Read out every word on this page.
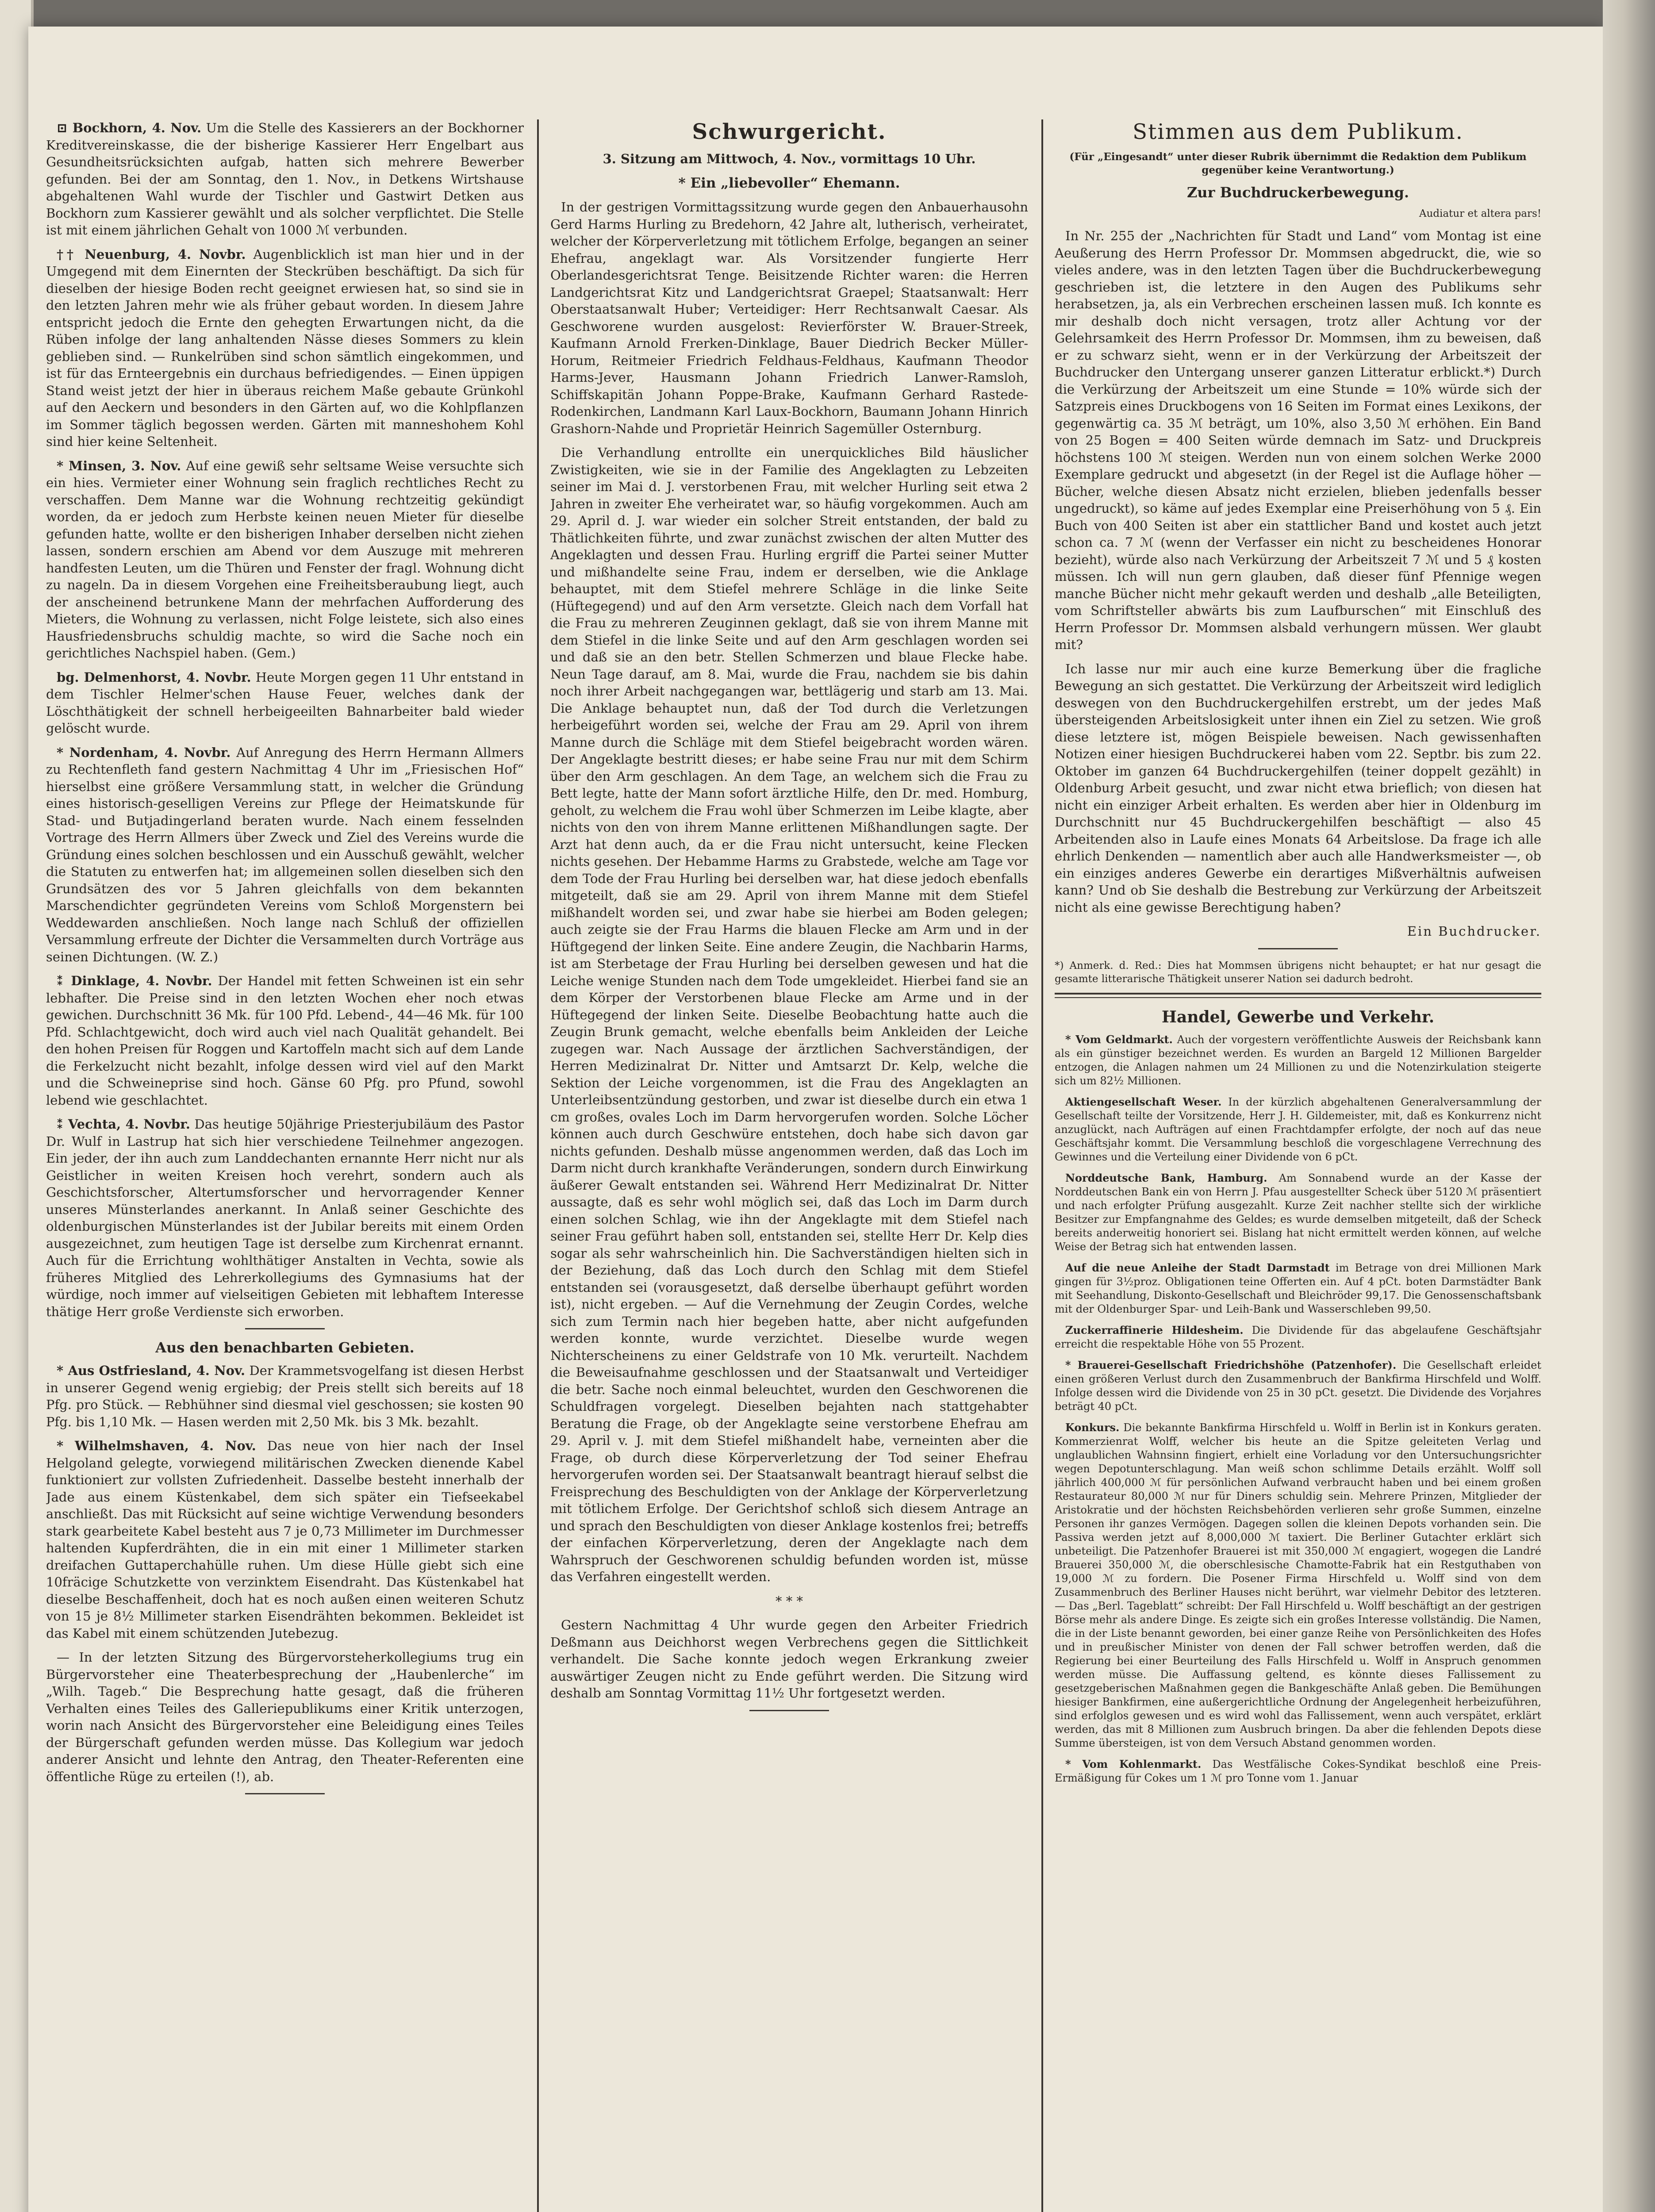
⊡ Bockhorn, 4. Nov. Um die Stelle des Kassierers an der Bockhorner Kreditvereinskasse, die der bisherige Kassierer Herr Engelbart aus Gesundheitsrücksichten aufgab, hatten sich mehrere Bewerber gefunden. Bei der am Sonntag, den 1. Nov., in Detkens Wirtshause abgehaltenen Wahl wurde der Tischler und Gastwirt Detken aus Bockhorn zum Kassierer gewählt und als solcher verpflichtet. Die Stelle ist mit einem jährlichen Gehalt von 1000 ℳ verbunden.

†† Neuenburg, 4. Novbr. Augenblicklich ist man hier und in der Umgegend mit dem Einernten der Steckrüben beschäftigt. Da sich für dieselben der hiesige Boden recht geeignet erwiesen hat, so sind sie in den letzten Jahren mehr wie als früher gebaut worden. In diesem Jahre entspricht jedoch die Ernte den gehegten Erwartungen nicht, da die Rüben infolge der lang anhaltenden Nässe dieses Sommers zu klein geblieben sind. — Runkelrüben sind schon sämtlich eingekommen, und ist für das Ernteergebnis ein durchaus befriedigendes. — Einen üppigen Stand weist jetzt der hier in überaus reichem Maße gebaute Grünkohl auf den Aeckern und besonders in den Gärten auf, wo die Kohlpflanzen im Sommer täglich begossen werden. Gärten mit manneshohem Kohl sind hier keine Seltenheit.

* Minsen, 3. Nov. Auf eine gewiß sehr seltsame Weise versuchte sich ein hies. Vermieter einer Wohnung sein fraglich rechtliches Recht zu verschaffen. Dem Manne war die Wohnung rechtzeitig gekündigt worden, da er jedoch zum Herbste keinen neuen Mieter für dieselbe gefunden hatte, wollte er den bisherigen Inhaber derselben nicht ziehen lassen, sondern erschien am Abend vor dem Auszuge mit mehreren handfesten Leuten, um die Thüren und Fenster der fragl. Wohnung dicht zu nageln. Da in diesem Vorgehen eine Freiheitsberaubung liegt, auch der anscheinend betrunkene Mann der mehrfachen Aufforderung des Mieters, die Wohnung zu verlassen, nicht Folge leistete, sich also eines Hausfriedensbruchs schuldig machte, so wird die Sache noch ein gerichtliches Nachspiel haben. (Gem.)

bg. Delmenhorst, 4. Novbr. Heute Morgen gegen 11 Uhr entstand in dem Tischler Helmer'schen Hause Feuer, welches dank der Löschthätigkeit der schnell herbeigeeilten Bahnarbeiter bald wieder gelöscht wurde.

* Nordenham, 4. Novbr. Auf Anregung des Herrn Hermann Allmers zu Rechtenfleth fand gestern Nachmittag 4 Uhr im „Friesischen Hof“ hierselbst eine größere Versammlung statt, in welcher die Gründung eines historisch-geselligen Vereins zur Pflege der Heimatskunde für Stad- und Butjadingerland beraten wurde. Nach einem fesselnden Vortrage des Herrn Allmers über Zweck und Ziel des Vereins wurde die Gründung eines solchen beschlossen und ein Ausschuß gewählt, welcher die Statuten zu entwerfen hat; im allgemeinen sollen dieselben sich den Grundsätzen des vor 5 Jahren gleichfalls von dem bekannten Marschendichter gegründeten Vereins vom Schloß Morgenstern bei Weddewarden anschließen. Noch lange nach Schluß der offiziellen Versammlung erfreute der Dichter die Versammelten durch Vorträge aus seinen Dichtungen. (W. Z.)

⁑ Dinklage, 4. Novbr. Der Handel mit fetten Schweinen ist ein sehr lebhafter. Die Preise sind in den letzten Wochen eher noch etwas gewichen. Durchschnitt 36 Mk. für 100 Pfd. Lebend-, 44—46 Mk. für 100 Pfd. Schlachtgewicht, doch wird auch viel nach Qualität gehandelt. Bei den hohen Preisen für Roggen und Kartoffeln macht sich auf dem Lande die Ferkelzucht nicht bezahlt, infolge dessen wird viel auf den Markt und die Schweineprise sind hoch. Gänse 60 Pfg. pro Pfund, sowohl lebend wie geschlachtet.

⁑ Vechta, 4. Novbr. Das heutige 50jährige Priesterjubiläum des Pastor Dr. Wulf in Lastrup hat sich hier verschiedene Teilnehmer angezogen. Ein jeder, der ihn auch zum Landdechanten ernannte Herr nicht nur als Geistlicher in weiten Kreisen hoch verehrt, sondern auch als Geschichtsforscher, Altertumsforscher und hervorragender Kenner unseres Münsterlandes anerkannt. In Anlaß seiner Geschichte des oldenburgischen Münsterlandes ist der Jubilar bereits mit einem Orden ausgezeichnet, zum heutigen Tage ist derselbe zum Kirchenrat ernannt. Auch für die Errichtung wohlthätiger Anstalten in Vechta, sowie als früheres Mitglied des Lehrerkollegiums des Gymnasiums hat der würdige, noch immer auf vielseitigen Gebieten mit lebhaftem Interesse thätige Herr große Verdienste sich erworben.

Aus den benachbarten Gebieten.

* Aus Ostfriesland, 4. Nov. Der Krammetsvogelfang ist diesen Herbst in unserer Gegend wenig ergiebig; der Preis stellt sich bereits auf 18 Pfg. pro Stück. — Rebhühner sind diesmal viel geschossen; sie kosten 90 Pfg. bis 1,10 Mk. — Hasen werden mit 2,50 Mk. bis 3 Mk. bezahlt.

* Wilhelmshaven, 4. Nov. Das neue von hier nach der Insel Helgoland gelegte, vorwiegend militärischen Zwecken dienende Kabel funktioniert zur vollsten Zufriedenheit. Dasselbe besteht innerhalb der Jade aus einem Küstenkabel, dem sich später ein Tiefseekabel anschließt. Das mit Rücksicht auf seine wichtige Verwendung besonders stark gearbeitete Kabel besteht aus 7 je 0,73 Millimeter im Durchmesser haltenden Kupferdrähten, die in ein mit einer 1 Millimeter starken dreifachen Guttaperchahülle ruhen. Um diese Hülle giebt sich eine 10fräcige Schutzkette von verzinktem Eisendraht. Das Küstenkabel hat dieselbe Beschaffenheit, doch hat es noch außen einen weiteren Schutz von 15 je 8½ Millimeter starken Eisendrähten bekommen. Bekleidet ist das Kabel mit einem schützenden Jutebezug.

— In der letzten Sitzung des Bürgervorsteherkollegiums trug ein Bürgervorsteher eine Theaterbesprechung der „Haubenlerche“ im „Wilh. Tageb.“ Die Besprechung hatte gesagt, daß die früheren Verhalten eines Teiles des Galleriepublikums einer Kritik unterzogen, worin nach Ansicht des Bürgervorsteher eine Beleidigung eines Teiles der Bürgerschaft gefunden werden müsse. Das Kollegium war jedoch anderer Ansicht und lehnte den Antrag, den Theater-Referenten eine öffentliche Rüge zu erteilen (!), ab.

Schwurgericht.

3. Sitzung am Mittwoch, 4. Nov., vormittags 10 Uhr.

* Ein „liebevoller“ Ehemann.

In der gestrigen Vormittagssitzung wurde gegen den Anbauerhausohn Gerd Harms Hurling zu Bredehorn, 42 Jahre alt, lutherisch, verheiratet, welcher der Körperverletzung mit tötlichem Erfolge, begangen an seiner Ehefrau, angeklagt war. Als Vorsitzender fungierte Herr Oberlandesgerichtsrat Tenge. Beisitzende Richter waren: die Herren Landgerichtsrat Kitz und Landgerichtsrat Graepel; Staatsanwalt: Herr Oberstaatsanwalt Huber; Verteidiger: Herr Rechtsanwalt Caesar. Als Geschworene wurden ausgelost: Revierförster W. Brauer-Streek, Kaufmann Arnold Frerken-Dinklage, Bauer Diedrich Becker Müller-Horum, Reitmeier Friedrich Feldhaus-Feldhaus, Kaufmann Theodor Harms-Jever, Hausmann Johann Friedrich Lanwer-Ramsloh, Schiffskapitän Johann Poppe-Brake, Kaufmann Gerhard Rastede-Rodenkirchen, Landmann Karl Laux-Bockhorn, Baumann Johann Hinrich Grashorn-Nahde und Proprietär Heinrich Sagemüller Osternburg.

Die Verhandlung entrollte ein unerquickliches Bild häuslicher Zwistigkeiten, wie sie in der Familie des Angeklagten zu Lebzeiten seiner im Mai d. J. verstorbenen Frau, mit welcher Hurling seit etwa 2 Jahren in zweiter Ehe verheiratet war, so häufig vorgekommen. Auch am 29. April d. J. war wieder ein solcher Streit entstanden, der bald zu Thätlichkeiten führte, und zwar zunächst zwischen der alten Mutter des Angeklagten und dessen Frau. Hurling ergriff die Partei seiner Mutter und mißhandelte seine Frau, indem er derselben, wie die Anklage behauptet, mit dem Stiefel mehrere Schläge in die linke Seite (Hüftegegend) und auf den Arm versetzte. Gleich nach dem Vorfall hat die Frau zu mehreren Zeuginnen geklagt, daß sie von ihrem Manne mit dem Stiefel in die linke Seite und auf den Arm geschlagen worden sei und daß sie an den betr. Stellen Schmerzen und blaue Flecke habe. Neun Tage darauf, am 8. Mai, wurde die Frau, nachdem sie bis dahin noch ihrer Arbeit nachgegangen war, bettlägerig und starb am 13. Mai. Die Anklage behauptet nun, daß der Tod durch die Verletzungen herbeigeführt worden sei, welche der Frau am 29. April von ihrem Manne durch die Schläge mit dem Stiefel beigebracht worden wären. Der Angeklagte bestritt dieses; er habe seine Frau nur mit dem Schirm über den Arm geschlagen. An dem Tage, an welchem sich die Frau zu Bett legte, hatte der Mann sofort ärztliche Hilfe, den Dr. med. Homburg, geholt, zu welchem die Frau wohl über Schmerzen im Leibe klagte, aber nichts von den von ihrem Manne erlittenen Mißhandlungen sagte. Der Arzt hat denn auch, da er die Frau nicht untersucht, keine Flecken nichts gesehen. Der Hebamme Harms zu Grabstede, welche am Tage vor dem Tode der Frau Hurling bei derselben war, hat diese jedoch ebenfalls mitgeteilt, daß sie am 29. April von ihrem Manne mit dem Stiefel mißhandelt worden sei, und zwar habe sie hierbei am Boden gelegen; auch zeigte sie der Frau Harms die blauen Flecke am Arm und in der Hüftgegend der linken Seite. Eine andere Zeugin, die Nachbarin Harms, ist am Sterbetage der Frau Hurling bei derselben gewesen und hat die Leiche wenige Stunden nach dem Tode umgekleidet. Hierbei fand sie an dem Körper der Verstorbenen blaue Flecke am Arme und in der Hüftegegend der linken Seite. Dieselbe Beobachtung hatte auch die Zeugin Brunk gemacht, welche ebenfalls beim Ankleiden der Leiche zugegen war. Nach Aussage der ärztlichen Sachverständigen, der Herren Medizinalrat Dr. Nitter und Amtsarzt Dr. Kelp, welche die Sektion der Leiche vorgenommen, ist die Frau des Angeklagten an Unterleibsentzündung gestorben, und zwar ist dieselbe durch ein etwa 1 cm großes, ovales Loch im Darm hervorgerufen worden. Solche Löcher können auch durch Geschwüre entstehen, doch habe sich davon gar nichts gefunden. Deshalb müsse angenommen werden, daß das Loch im Darm nicht durch krankhafte Veränderungen, sondern durch Einwirkung äußerer Gewalt entstanden sei. Während Herr Medizinalrat Dr. Nitter aussagte, daß es sehr wohl möglich sei, daß das Loch im Darm durch einen solchen Schlag, wie ihn der Angeklagte mit dem Stiefel nach seiner Frau geführt haben soll, entstanden sei, stellte Herr Dr. Kelp dies sogar als sehr wahrscheinlich hin. Die Sachverständigen hielten sich in der Beziehung, daß das Loch durch den Schlag mit dem Stiefel entstanden sei (vorausgesetzt, daß derselbe überhaupt geführt worden ist), nicht ergeben. — Auf die Vernehmung der Zeugin Cordes, welche sich zum Termin nach hier begeben hatte, aber nicht aufgefunden werden konnte, wurde verzichtet. Dieselbe wurde wegen Nichterscheinens zu einer Geldstrafe von 10 Mk. verurteilt. Nachdem die Beweisaufnahme geschlossen und der Staatsanwalt und Verteidiger die betr. Sache noch einmal beleuchtet, wurden den Geschworenen die Schuldfragen vorgelegt. Dieselben bejahten nach stattgehabter Beratung die Frage, ob der Angeklagte seine verstorbene Ehefrau am 29. April v. J. mit dem Stiefel mißhandelt habe, verneinten aber die Frage, ob durch diese Körperverletzung der Tod seiner Ehefrau hervorgerufen worden sei. Der Staatsanwalt beantragt hierauf selbst die Freisprechung des Beschuldigten von der Anklage der Körperverletzung mit tötlichem Erfolge. Der Gerichtshof schloß sich diesem Antrage an und sprach den Beschuldigten von dieser Anklage kostenlos frei; betreffs der einfachen Körperverletzung, deren der Angeklagte nach dem Wahrspruch der Geschworenen schuldig befunden worden ist, müsse das Verfahren eingestellt werden.

* * *

Gestern Nachmittag 4 Uhr wurde gegen den Arbeiter Friedrich Deßmann aus Deichhorst wegen Verbrechens gegen die Sittlichkeit verhandelt. Die Sache konnte jedoch wegen Erkrankung zweier auswärtiger Zeugen nicht zu Ende geführt werden. Die Sitzung wird deshalb am Sonntag Vormittag 11½ Uhr fortgesetzt werden.

Stimmen aus dem Publikum.

(Für „Eingesandt“ unter dieser Rubrik übernimmt die Redaktion dem Publikum gegenüber keine Verantwortung.)

Zur Buchdruckerbewegung.

Audiatur et altera pars!

In Nr. 255 der „Nachrichten für Stadt und Land“ vom Montag ist eine Aeußerung des Herrn Professor Dr. Mommsen abgedruckt, die, wie so vieles andere, was in den letzten Tagen über die Buchdruckerbewegung geschrieben ist, die letztere in den Augen des Publikums sehr herabsetzen, ja, als ein Verbrechen erscheinen lassen muß. Ich konnte es mir deshalb doch nicht versagen, trotz aller Achtung vor der Gelehrsamkeit des Herrn Professor Dr. Mommsen, ihm zu beweisen, daß er zu schwarz sieht, wenn er in der Verkürzung der Arbeitszeit der Buchdrucker den Untergang unserer ganzen Litteratur erblickt.*) Durch die Verkürzung der Arbeitszeit um eine Stunde = 10% würde sich der Satzpreis eines Druckbogens von 16 Seiten im Format eines Lexikons, der gegenwärtig ca. 35 ℳ beträgt, um 10%, also 3,50 ℳ erhöhen. Ein Band von 25 Bogen = 400 Seiten würde demnach im Satz- und Druckpreis höchstens 100 ℳ steigen. Werden nun von einem solchen Werke 2000 Exemplare gedruckt und abgesetzt (in der Regel ist die Auflage höher — Bücher, welche diesen Absatz nicht erzielen, blieben jedenfalls besser ungedruckt), so käme auf jedes Exemplar eine Preiserhöhung von 5 ₰. Ein Buch von 400 Seiten ist aber ein stattlicher Band und kostet auch jetzt schon ca. 7 ℳ (wenn der Verfasser ein nicht zu bescheidenes Honorar bezieht), würde also nach Verkürzung der Arbeitszeit 7 ℳ und 5 ₰ kosten müssen. Ich will nun gern glauben, daß dieser fünf Pfennige wegen manche Bücher nicht mehr gekauft werden und deshalb „alle Beteiligten, vom Schriftsteller abwärts bis zum Laufburschen“ mit Einschluß des Herrn Professor Dr. Mommsen alsbald verhungern müssen. Wer glaubt mit?

Ich lasse nur mir auch eine kurze Bemerkung über die fragliche Bewegung an sich gestattet. Die Verkürzung der Arbeitszeit wird lediglich deswegen von den Buchdruckergehilfen erstrebt, um der jedes Maß übersteigenden Arbeitslosigkeit unter ihnen ein Ziel zu setzen. Wie groß diese letztere ist, mögen Beispiele beweisen. Nach gewissenhaften Notizen einer hiesigen Buchdruckerei haben vom 22. Septbr. bis zum 22. Oktober im ganzen 64 Buchdruckergehilfen (teiner doppelt gezählt) in Oldenburg Arbeit gesucht, und zwar nicht etwa brieflich; von diesen hat nicht ein einziger Arbeit erhalten. Es werden aber hier in Oldenburg im Durchschnitt nur 45 Buchdruckergehilfen beschäftigt — also 45 Arbeitenden also in Laufe eines Monats 64 Arbeitslose. Da frage ich alle ehrlich Denkenden — namentlich aber auch alle Handwerksmeister —, ob ein einziges anderes Gewerbe ein derartiges Mißverhältnis aufweisen kann? Und ob Sie deshalb die Bestrebung zur Verkürzung der Arbeitszeit nicht als eine gewisse Berechtigung haben?

Ein Buchdrucker.

*) Anmerk. d. Red.: Dies hat Mommsen übrigens nicht behauptet; er hat nur gesagt die gesamte litterarische Thätigkeit unserer Nation sei dadurch bedroht.

Handel, Gewerbe und Verkehr.

* Vom Geldmarkt. Auch der vorgestern veröffentlichte Ausweis der Reichsbank kann als ein günstiger bezeichnet werden. Es wurden an Bargeld 12 Millionen Bargelder entzogen, die Anlagen nahmen um 24 Millionen zu und die Notenzirkulation steigerte sich um 82½ Millionen.

Aktiengesellschaft Weser. In der kürzlich abgehaltenen Generalversammlung der Gesellschaft teilte der Vorsitzende, Herr J. H. Gildemeister, mit, daß es Konkurrenz nicht anzuglückt, nach Aufträgen auf einen Frachtdampfer erfolgte, der noch auf das neue Geschäftsjahr kommt. Die Versammlung beschloß die vorgeschlagene Verrechnung des Gewinnes und die Verteilung einer Dividende von 6 pCt.

Norddeutsche Bank, Hamburg. Am Sonnabend wurde an der Kasse der Norddeutschen Bank ein von Herrn J. Pfau ausgestellter Scheck über 5120 ℳ präsentiert und nach erfolgter Prüfung ausgezahlt. Kurze Zeit nachher stellte sich der wirkliche Besitzer zur Empfangnahme des Geldes; es wurde demselben mitgeteilt, daß der Scheck bereits anderweitig honoriert sei. Bislang hat nicht ermittelt werden können, auf welche Weise der Betrag sich hat entwenden lassen.

Auf die neue Anleihe der Stadt Darmstadt im Betrage von drei Millionen Mark gingen für 3½proz. Obligationen teine Offerten ein. Auf 4 pCt. boten Darmstädter Bank mit Seehandlung, Diskonto-Gesellschaft und Bleichröder 99,17. Die Genossenschaftsbank mit der Oldenburger Spar- und Leih-Bank und Wasserschleben 99,50.

Zuckerraffinerie Hildesheim. Die Dividende für das abgelaufene Geschäftsjahr erreicht die respektable Höhe von 55 Prozent.

* Brauerei-Gesellschaft Friedrichshöhe (Patzenhofer). Die Gesellschaft erleidet einen größeren Verlust durch den Zusammenbruch der Bankfirma Hirschfeld und Wolff. Infolge dessen wird die Dividende von 25 in 30 pCt. gesetzt. Die Dividende des Vorjahres beträgt 40 pCt.

Konkurs. Die bekannte Bankfirma Hirschfeld u. Wolff in Berlin ist in Konkurs geraten. Kommerzienrat Wolff, welcher bis heute an die Spitze geleiteten Verlag und unglaublichen Wahnsinn fingiert, erhielt eine Vorladung vor den Untersuchungsrichter wegen Depotunterschlagung. Man weiß schon schlimme Details erzählt. Wolff soll jährlich 400,000 ℳ für persönlichen Aufwand verbraucht haben und bei einem großen Restaurateur 80,000 ℳ nur für Diners schuldig sein. Mehrere Prinzen, Mitglieder der Aristokratie und der höchsten Reichsbehörden verlieren sehr große Summen, einzelne Personen ihr ganzes Vermögen. Dagegen sollen die kleinen Depots vorhanden sein. Die Passiva werden jetzt auf 8,000,000 ℳ taxiert. Die Berliner Gutachter erklärt sich unbeteiligt. Die Patzenhofer Brauerei ist mit 350,000 ℳ engagiert, wogegen die Landré Brauerei 350,000 ℳ, die oberschlesische Chamotte-Fabrik hat ein Restguthaben von 19,000 ℳ zu fordern. Die Posener Firma Hirschfeld u. Wolff sind von dem Zusammenbruch des Berliner Hauses nicht berührt, war vielmehr Debitor des letzteren. — Das „Berl. Tageblatt“ schreibt: Der Fall Hirschfeld u. Wolff beschäftigt an der gestrigen Börse mehr als andere Dinge. Es zeigte sich ein großes Interesse vollständig. Die Namen, die in der Liste benannt geworden, bei einer ganze Reihe von Persönlichkeiten des Hofes und in preußischer Minister von denen der Fall schwer betroffen werden, daß die Regierung bei einer Beurteilung des Falls Hirschfeld u. Wolff in Anspruch genommen werden müsse. Die Auffassung geltend, es könnte dieses Fallissement zu gesetzgeberischen Maßnahmen gegen die Bankgeschäfte Anlaß geben. Die Bemühungen hiesiger Bankfirmen, eine außergerichtliche Ordnung der Angelegenheit herbeizuführen, sind erfolglos gewesen und es wird wohl das Fallissement, wenn auch verspätet, erklärt werden, das mit 8 Millionen zum Ausbruch bringen. Da aber die fehlenden Depots diese Summe übersteigen, ist von dem Versuch Abstand genommen worden.

* Vom Kohlenmarkt. Das Westfälische Cokes-Syndikat beschloß eine Preis-Ermäßigung für Cokes um 1 ℳ pro Tonne vom 1. Januar
